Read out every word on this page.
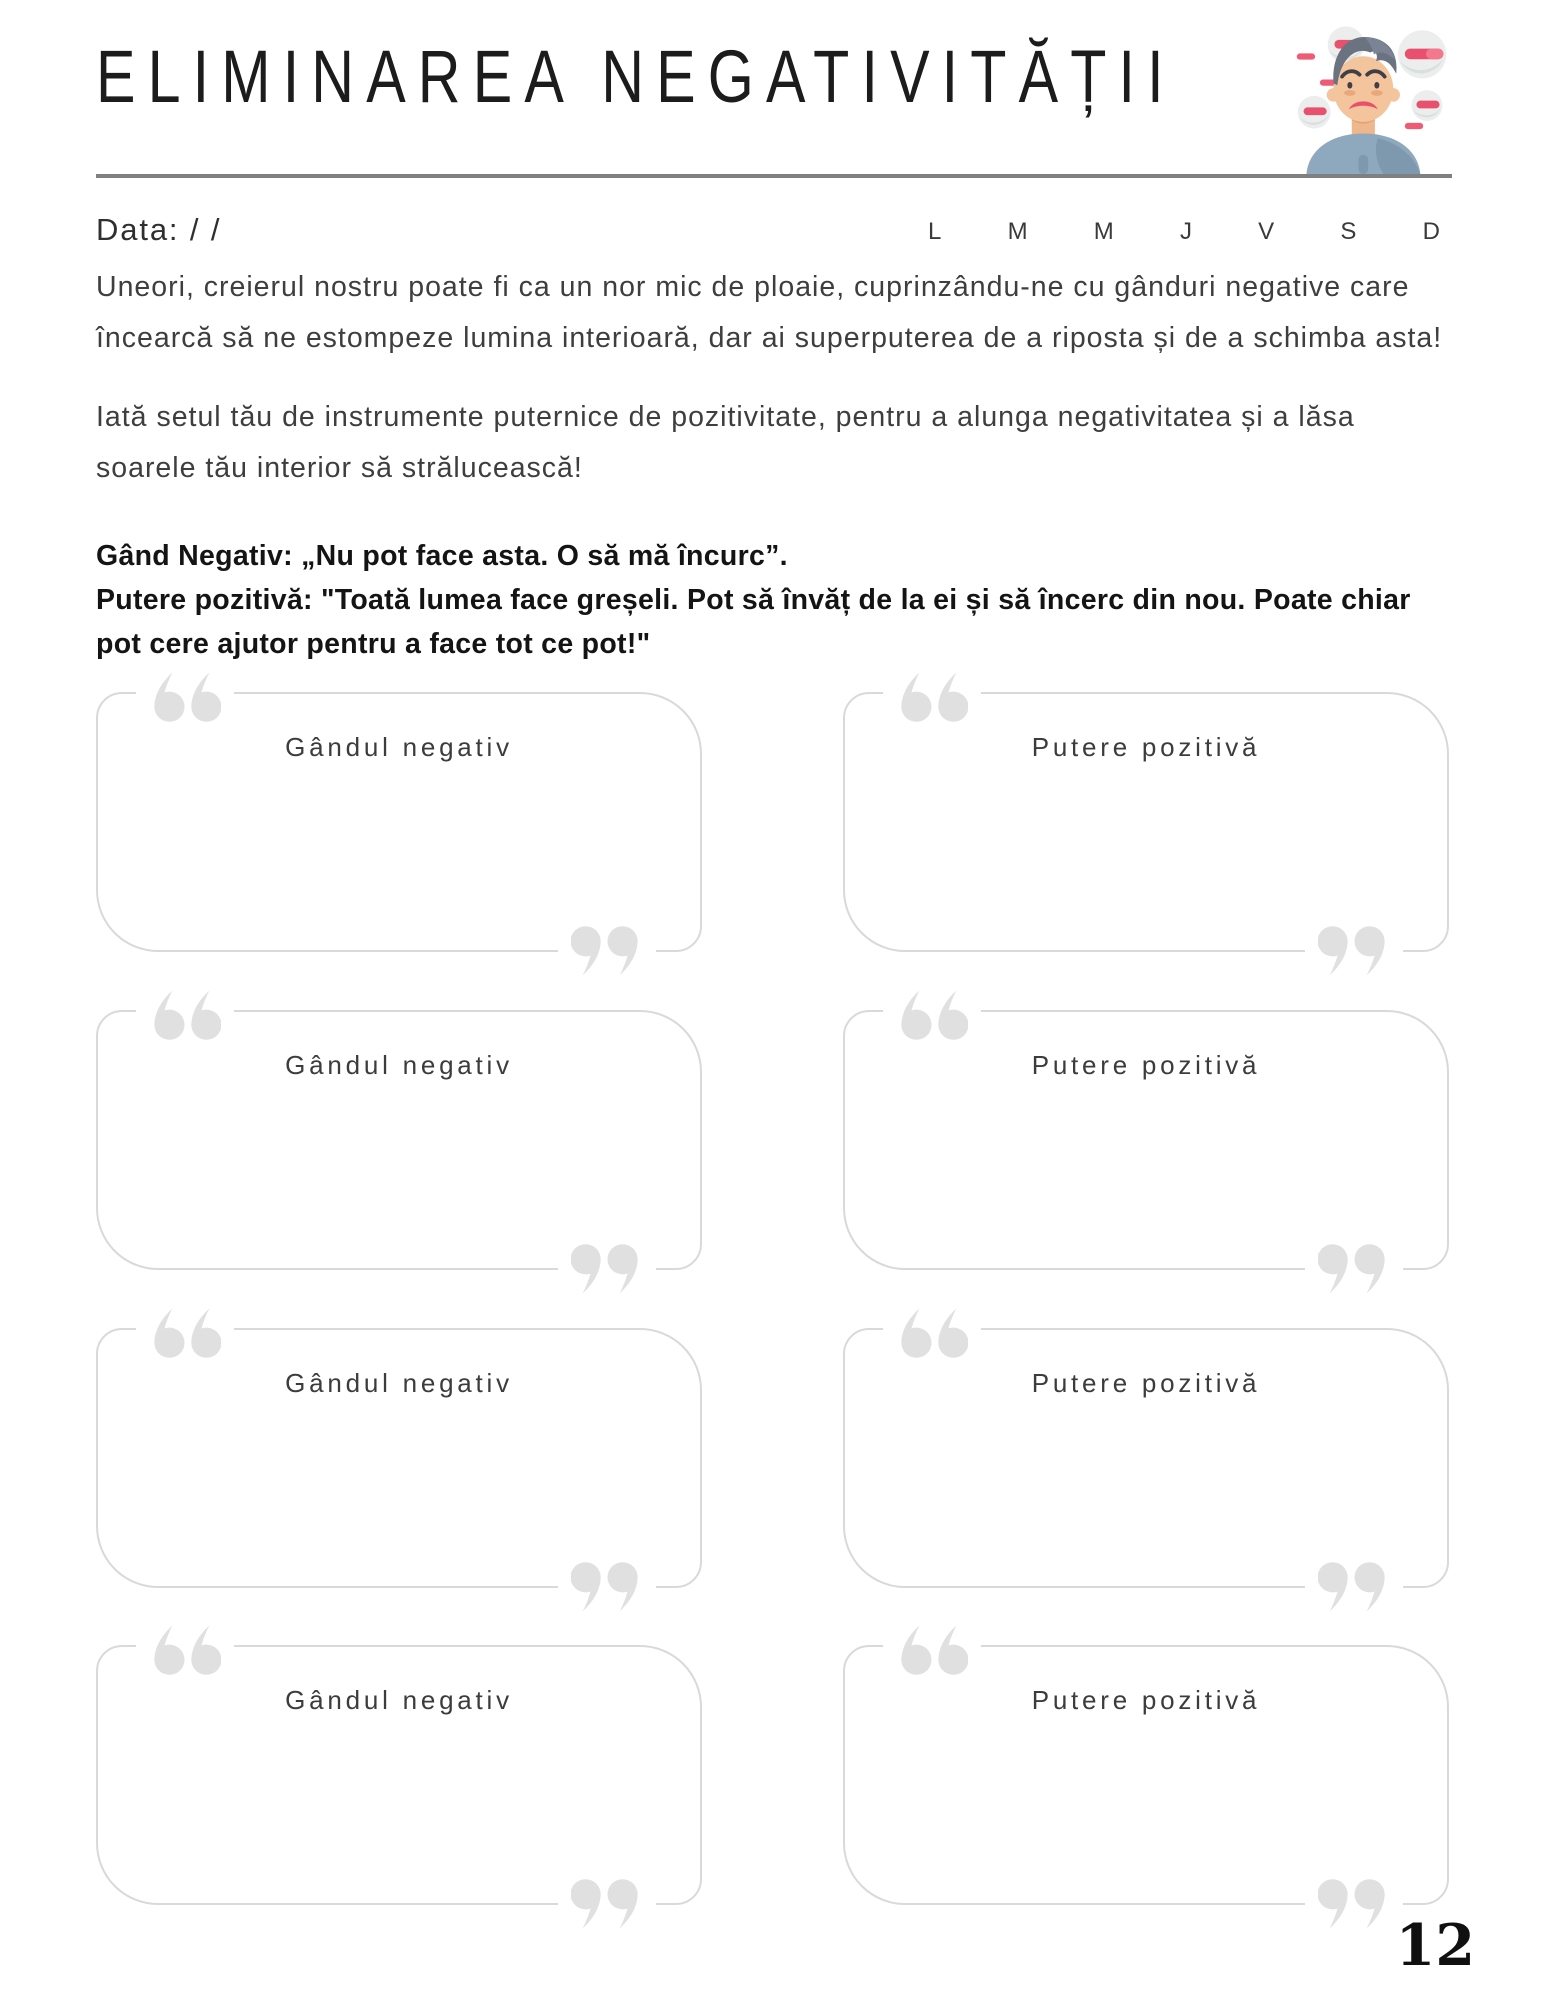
ELIMINAREA NEGATIVITĂȚII
Data: / /	L	M	M	J	V	S	D

Uneori, creierul nostru poate fi ca un nor mic de ploaie, cuprinzându-ne cu gânduri negative care
încearcă să ne estompeze lumina interioară, dar ai superputerea de a riposta și de a schimba asta!

Iată setul tău de instrumente puternice de pozitivitate, pentru a alunga negativitatea și a lăsa
soarele tău interior să strălucească!

Gând Negativ: „Nu pot face asta. O să mă încurc”.
Putere pozitivă: "Toată lumea face greșeli. Pot să învăț de la ei și să încerc din nou. Poate chiar
pot cere ajutor pentru a face tot ce pot!"

Gândul negativ	Putere pozitivă
Gândul negativ	Putere pozitivă
Gândul negativ	Putere pozitivă
Gândul negativ	Putere pozitivă
12
